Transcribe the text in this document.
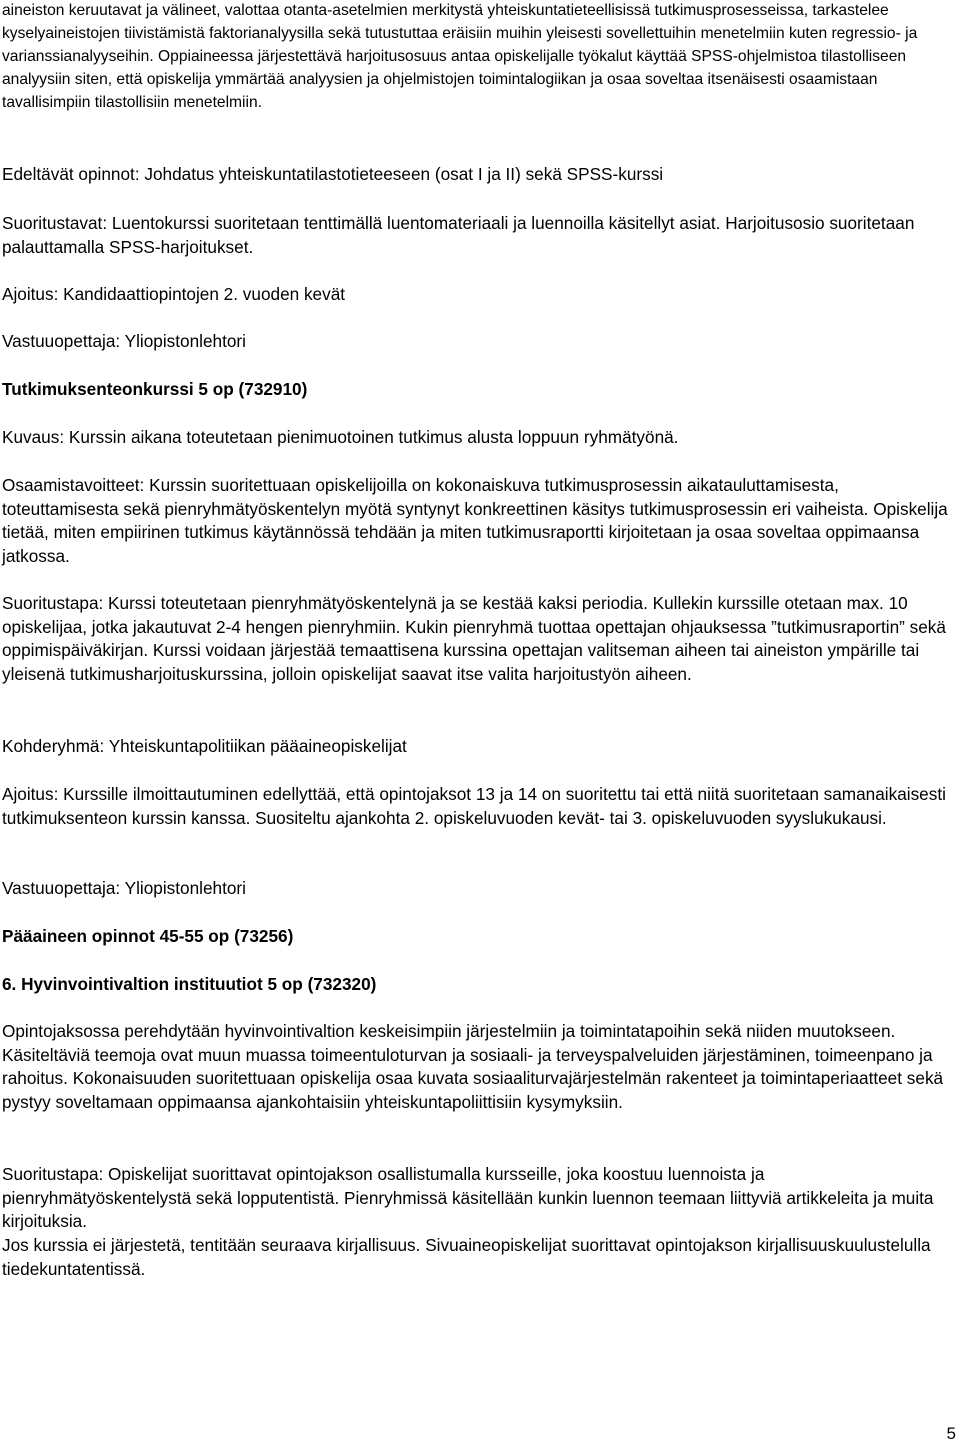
aineiston keruutavat ja välineet, valottaa otanta-asetelmien merkitystä yhteiskuntatieteellisissä tutkimusprosesseissa, tarkastelee kyselyaineistojen tiivistämistä faktorianalyysilla sekä tutustuttaa eräisiin muihin yleisesti sovellettuihin menetelmiin kuten regressio- ja varianssianalyyseihin. Oppiaineessa järjestettävä harjoitusosuus antaa opiskelijalle työkalut käyttää SPSS-ohjelmistoa tilastolliseen analyysiin siten, että opiskelija ymmärtää analyysien ja ohjelmistojen toimintalogiikan ja osaa soveltaa itsenäisesti osaamistaan tavallisimpiin tilastollisiin menetelmiin.

Edeltävät opinnot: Johdatus yhteiskuntatilastotieteeseen (osat I ja II) sekä SPSS-kurssi

Suoritustavat: Luentokurssi suoritetaan tenttimällä luentomateriaali ja luennoilla käsitellyt asiat. Harjoitusosio suoritetaan palauttamalla SPSS-harjoitukset.

Ajoitus: Kandidaattiopintojen 2. vuoden kevät

Vastuuopettaja: Yliopistonlehtori

Tutkimuksenteonkurssi 5 op (732910)

Kuvaus: Kurssin aikana toteutetaan pienimuotoinen tutkimus alusta loppuun ryhmätyönä.

Osaamistavoitteet: Kurssin suoritettuaan opiskelijoilla on kokonaiskuva tutkimusprosessin aikatauluttamisesta, toteuttamisesta sekä pienryhmätyöskentelyn myötä syntynyt konkreettinen käsitys tutkimusprosessin eri vaiheista. Opiskelija tietää, miten empiirinen tutkimus käytännössä tehdään ja miten tutkimusraportti kirjoitetaan ja osaa soveltaa oppimaansa jatkossa.

Suoritustapa: Kurssi toteutetaan pienryhmätyöskentelynä ja se kestää kaksi periodia. Kullekin kurssille otetaan max. 10 opiskelijaa, jotka jakautuvat 2-4 hengen pienryhmiin. Kukin pienryhmä tuottaa opettajan ohjauksessa ”tutkimusraportin” sekä oppimispäiväkirjan. Kurssi voidaan järjestää temaattisena kurssina opettajan valitseman aiheen tai aineiston ympärille tai yleisenä tutkimusharjoituskurssina, jolloin opiskelijat saavat itse valita harjoitustyön aiheen.

Kohderyhmä: Yhteiskuntapolitiikan pääaineopiskelijat

Ajoitus: Kurssille ilmoittautuminen edellyttää, että opintojaksot 13 ja 14 on suoritettu tai että niitä suoritetaan samanaikaisesti tutkimuksenteon kurssin kanssa. Suositeltu ajankohta 2. opiskeluvuoden kevät- tai 3. opiskeluvuoden syyslukukausi.

Vastuuopettaja: Yliopistonlehtori

Pääaineen opinnot 45-55 op (73256)

6. Hyvinvointivaltion instituutiot 5 op (732320)

Opintojaksossa perehdytään hyvinvointivaltion keskeisimpiin järjestelmiin ja toimintatapoihin sekä niiden muutokseen. Käsiteltäviä teemoja ovat muun muassa toimeentuloturvan ja sosiaali- ja terveyspalveluiden järjestäminen, toimeenpano ja rahoitus. Kokonaisuuden suoritettuaan opiskelija osaa kuvata sosiaaliturvajärjestelmän rakenteet ja toimintaperiaatteet sekä pystyy soveltamaan oppimaansa ajankohtaisiin yhteiskuntapoliittisiin kysymyksiin.

Suoritustapa: Opiskelijat suorittavat opintojakson osallistumalla kursseille, joka koostuu luennoista ja pienryhmätyöskentelystä sekä lopputentistä. Pienryhmissä käsitellään kunkin luennon teemaan liittyviä artikkeleita ja muita kirjoituksia.

Jos kurssia ei järjestetä, tentitään seuraava kirjallisuus. Sivuaineopiskelijat suorittavat opintojakson kirjallisuuskuulustelulla tiedekuntatentissä.

5
